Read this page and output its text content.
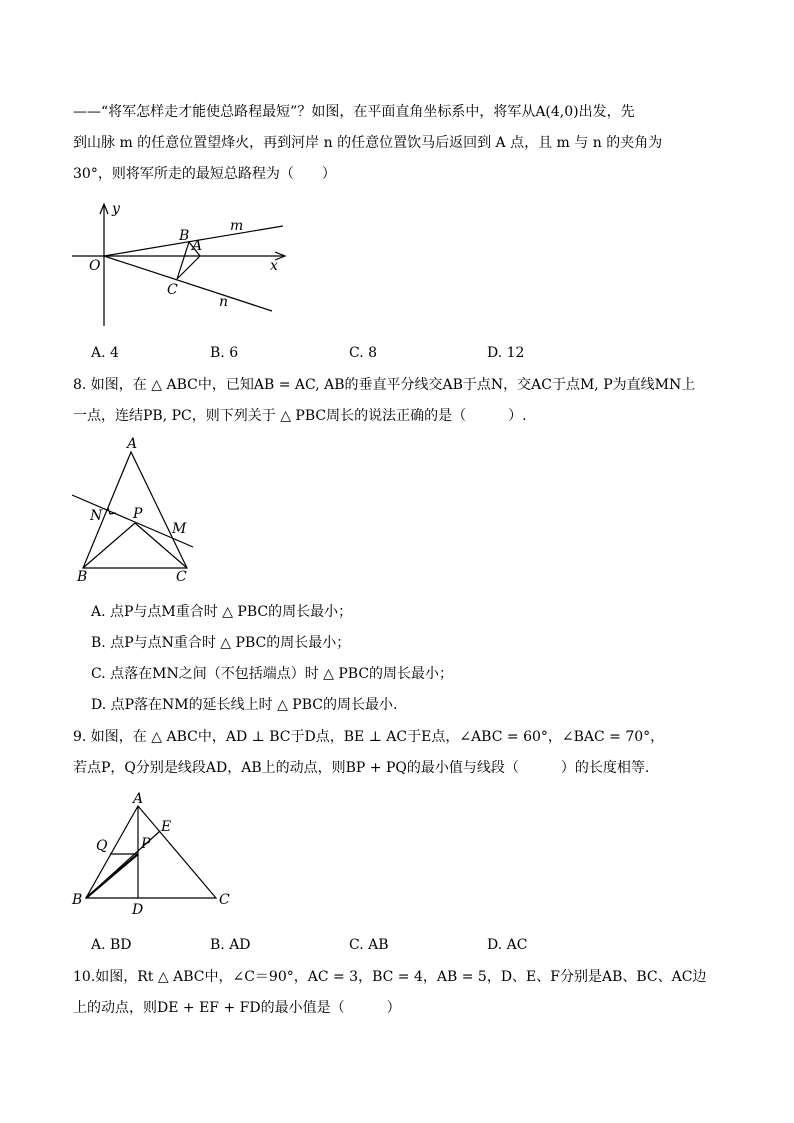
——“将军怎样走才能使总路程最短”？如图，在平面直角坐标系中，将军从A(4,0)出发，先
到山脉 m 的任意位置望烽火，再到河岸 n 的任意位置饮马后返回到 A 点，且 m 与 n 的夹角为
30°，则将军所走的最短总路程为（　　）
y
x
O
B
A
C
m
n
A. 4	B. 6	C. 8	D. 12
8. 如图，在 △ ABC中，已知AB = AC, AB的垂直平分线交AB于点N，交AC于点M, P为直线MN上
一点，连结PB, PC，则下列关于 △ PBC周长的说法正确的是（　　　）.
A
N P
M
B	C
A. 点P与点M重合时 △ PBC的周长最小；
B. 点P与点N重合时 △ PBC的周长最小；
C. 点落在MN之间（不包括端点）时 △ PBC的周长最小；
D. 点P落在NM的延长线上时 △ PBC的周长最小.
9. 如图，在 △ ABC中，AD ⊥ BC于D点，BE ⊥ AC于E点，∠ABC = 60°，∠BAC = 70°，
若点P，Q分别是线段AD，AB上的动点，则BP + PQ的最小值与线段（　　　）的长度相等.
A
E
Q P
B
D
C
A. BD	B. AD	C. AB	D. AC
10.如图，Rt △ ABC中，∠C＝90°，AC = 3，BC = 4，AB = 5，D、E、F分别是AB、BC、AC边
上的动点，则DE + EF + FD的最小值是（　　　）
